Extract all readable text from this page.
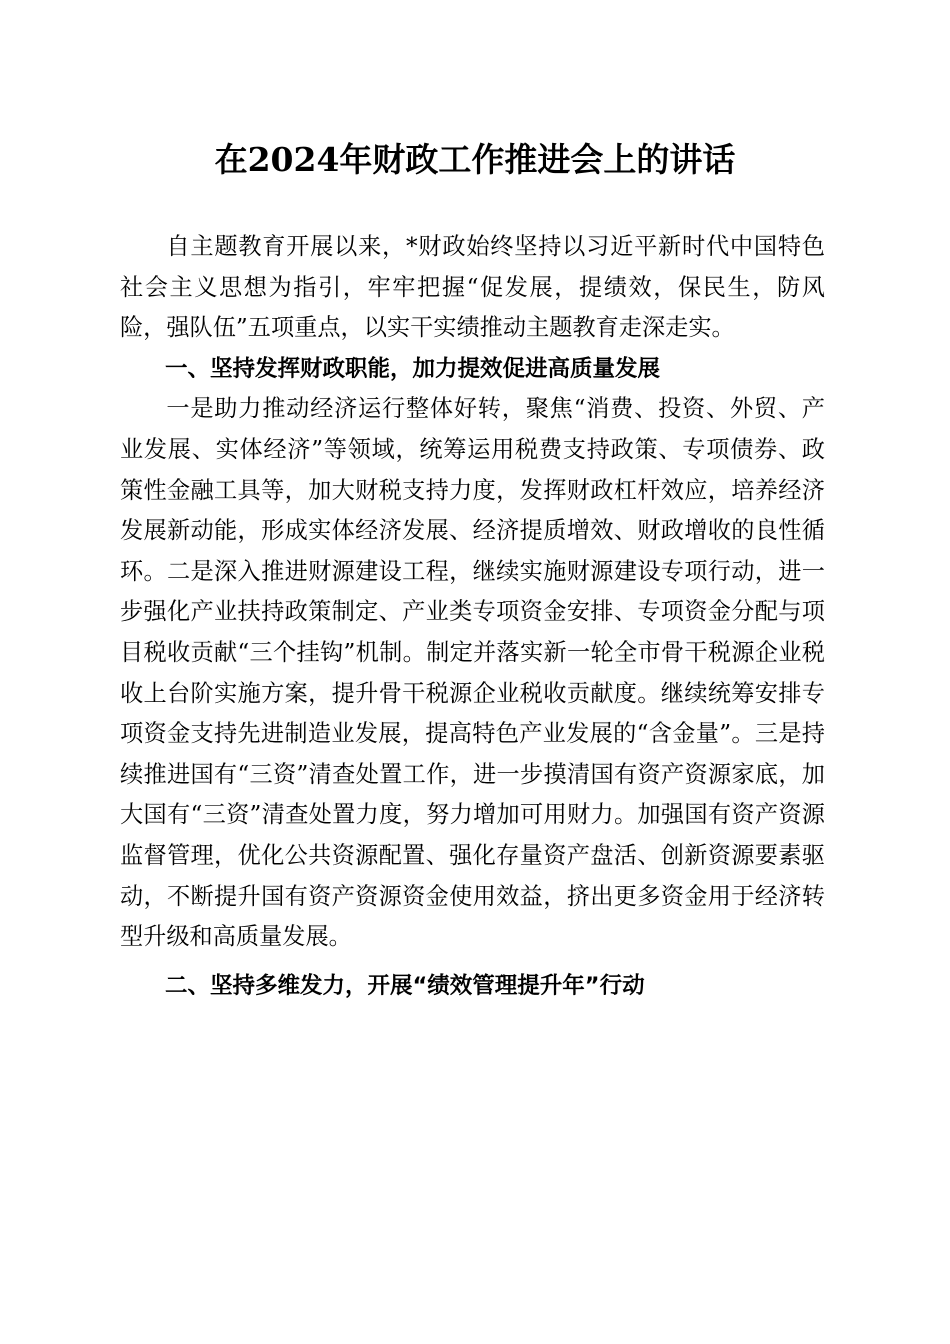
在2024年财政工作推进会上的讲话

自主题教育开展以来，*财政始终坚持以习近平新时代中国特色社会主义思想为指引，牢牢把握“促发展，提绩效，保民生，防风险，强队伍”五项重点，以实干实绩推动主题教育走深走实。

一、坚持发挥财政职能，加力提效促进高质量发展

一是助力推动经济运行整体好转，聚焦“消费、投资、外贸、产业发展、实体经济”等领域，统筹运用税费支持政策、专项债券、政策性金融工具等，加大财税支持力度，发挥财政杠杆效应，培养经济发展新动能，形成实体经济发展、经济提质增效、财政增收的良性循环。二是深入推进财源建设工程，继续实施财源建设专项行动，进一步强化产业扶持政策制定、产业类专项资金安排、专项资金分配与项目税收贡献“三个挂钩”机制。制定并落实新一轮全市骨干税源企业税收上台阶实施方案，提升骨干税源企业税收贡献度。继续统筹安排专项资金支持先进制造业发展，提高特色产业发展的“含金量”。三是持续推进国有“三资”清查处置工作，进一步摸清国有资产资源家底，加大国有“三资”清查处置力度，努力增加可用财力。加强国有资产资源监督管理，优化公共资源配置、强化存量资产盘活、创新资源要素驱动，不断提升国有资产资源资金使用效益，挤出更多资金用于经济转型升级和高质量发展。

二、坚持多维发力，开展“绩效管理提升年”行动
